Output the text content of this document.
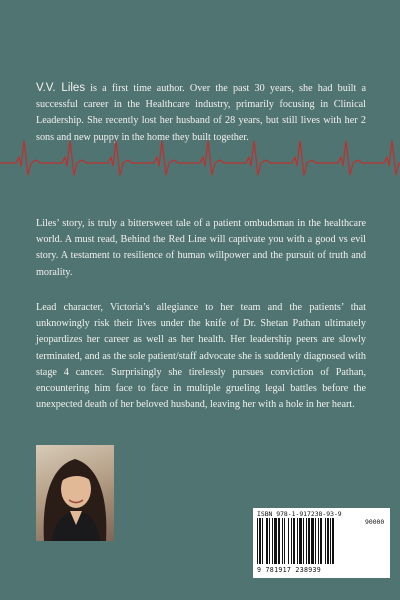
V.V. Liles is a first time author. Over the past 30 years, she had built a successful career in the Healthcare industry, primarily focusing in Clinical Leadership. She recently lost her husband of 28 years, but still lives with her 2 sons and new puppy in the home they built together.

Liles’ story, is truly a bittersweet tale of a patient ombudsman in the healthcare world. A must read, Behind the Red Line will captivate you with a good vs evil story. A testament to resilience of human willpower and the pursuit of truth and morality.

Lead character, Victoria’s allegiance to her team and the patients’ that unknowingly risk their lives under the knife of Dr. Shetan Pathan ultimately jeopardizes her career as well as her health. Her leadership peers are slowly terminated, and as the sole patient/staff advocate she is suddenly diagnosed with stage 4 cancer. Surprisingly she tirelessly pursues conviction of Pathan, encountering him face to face in multiple grueling legal battles before the unexpected death of her beloved husband, leaving her with a hole in her heart.

ISBN 978-1-917238-93-9
90000
9 781917 238939
